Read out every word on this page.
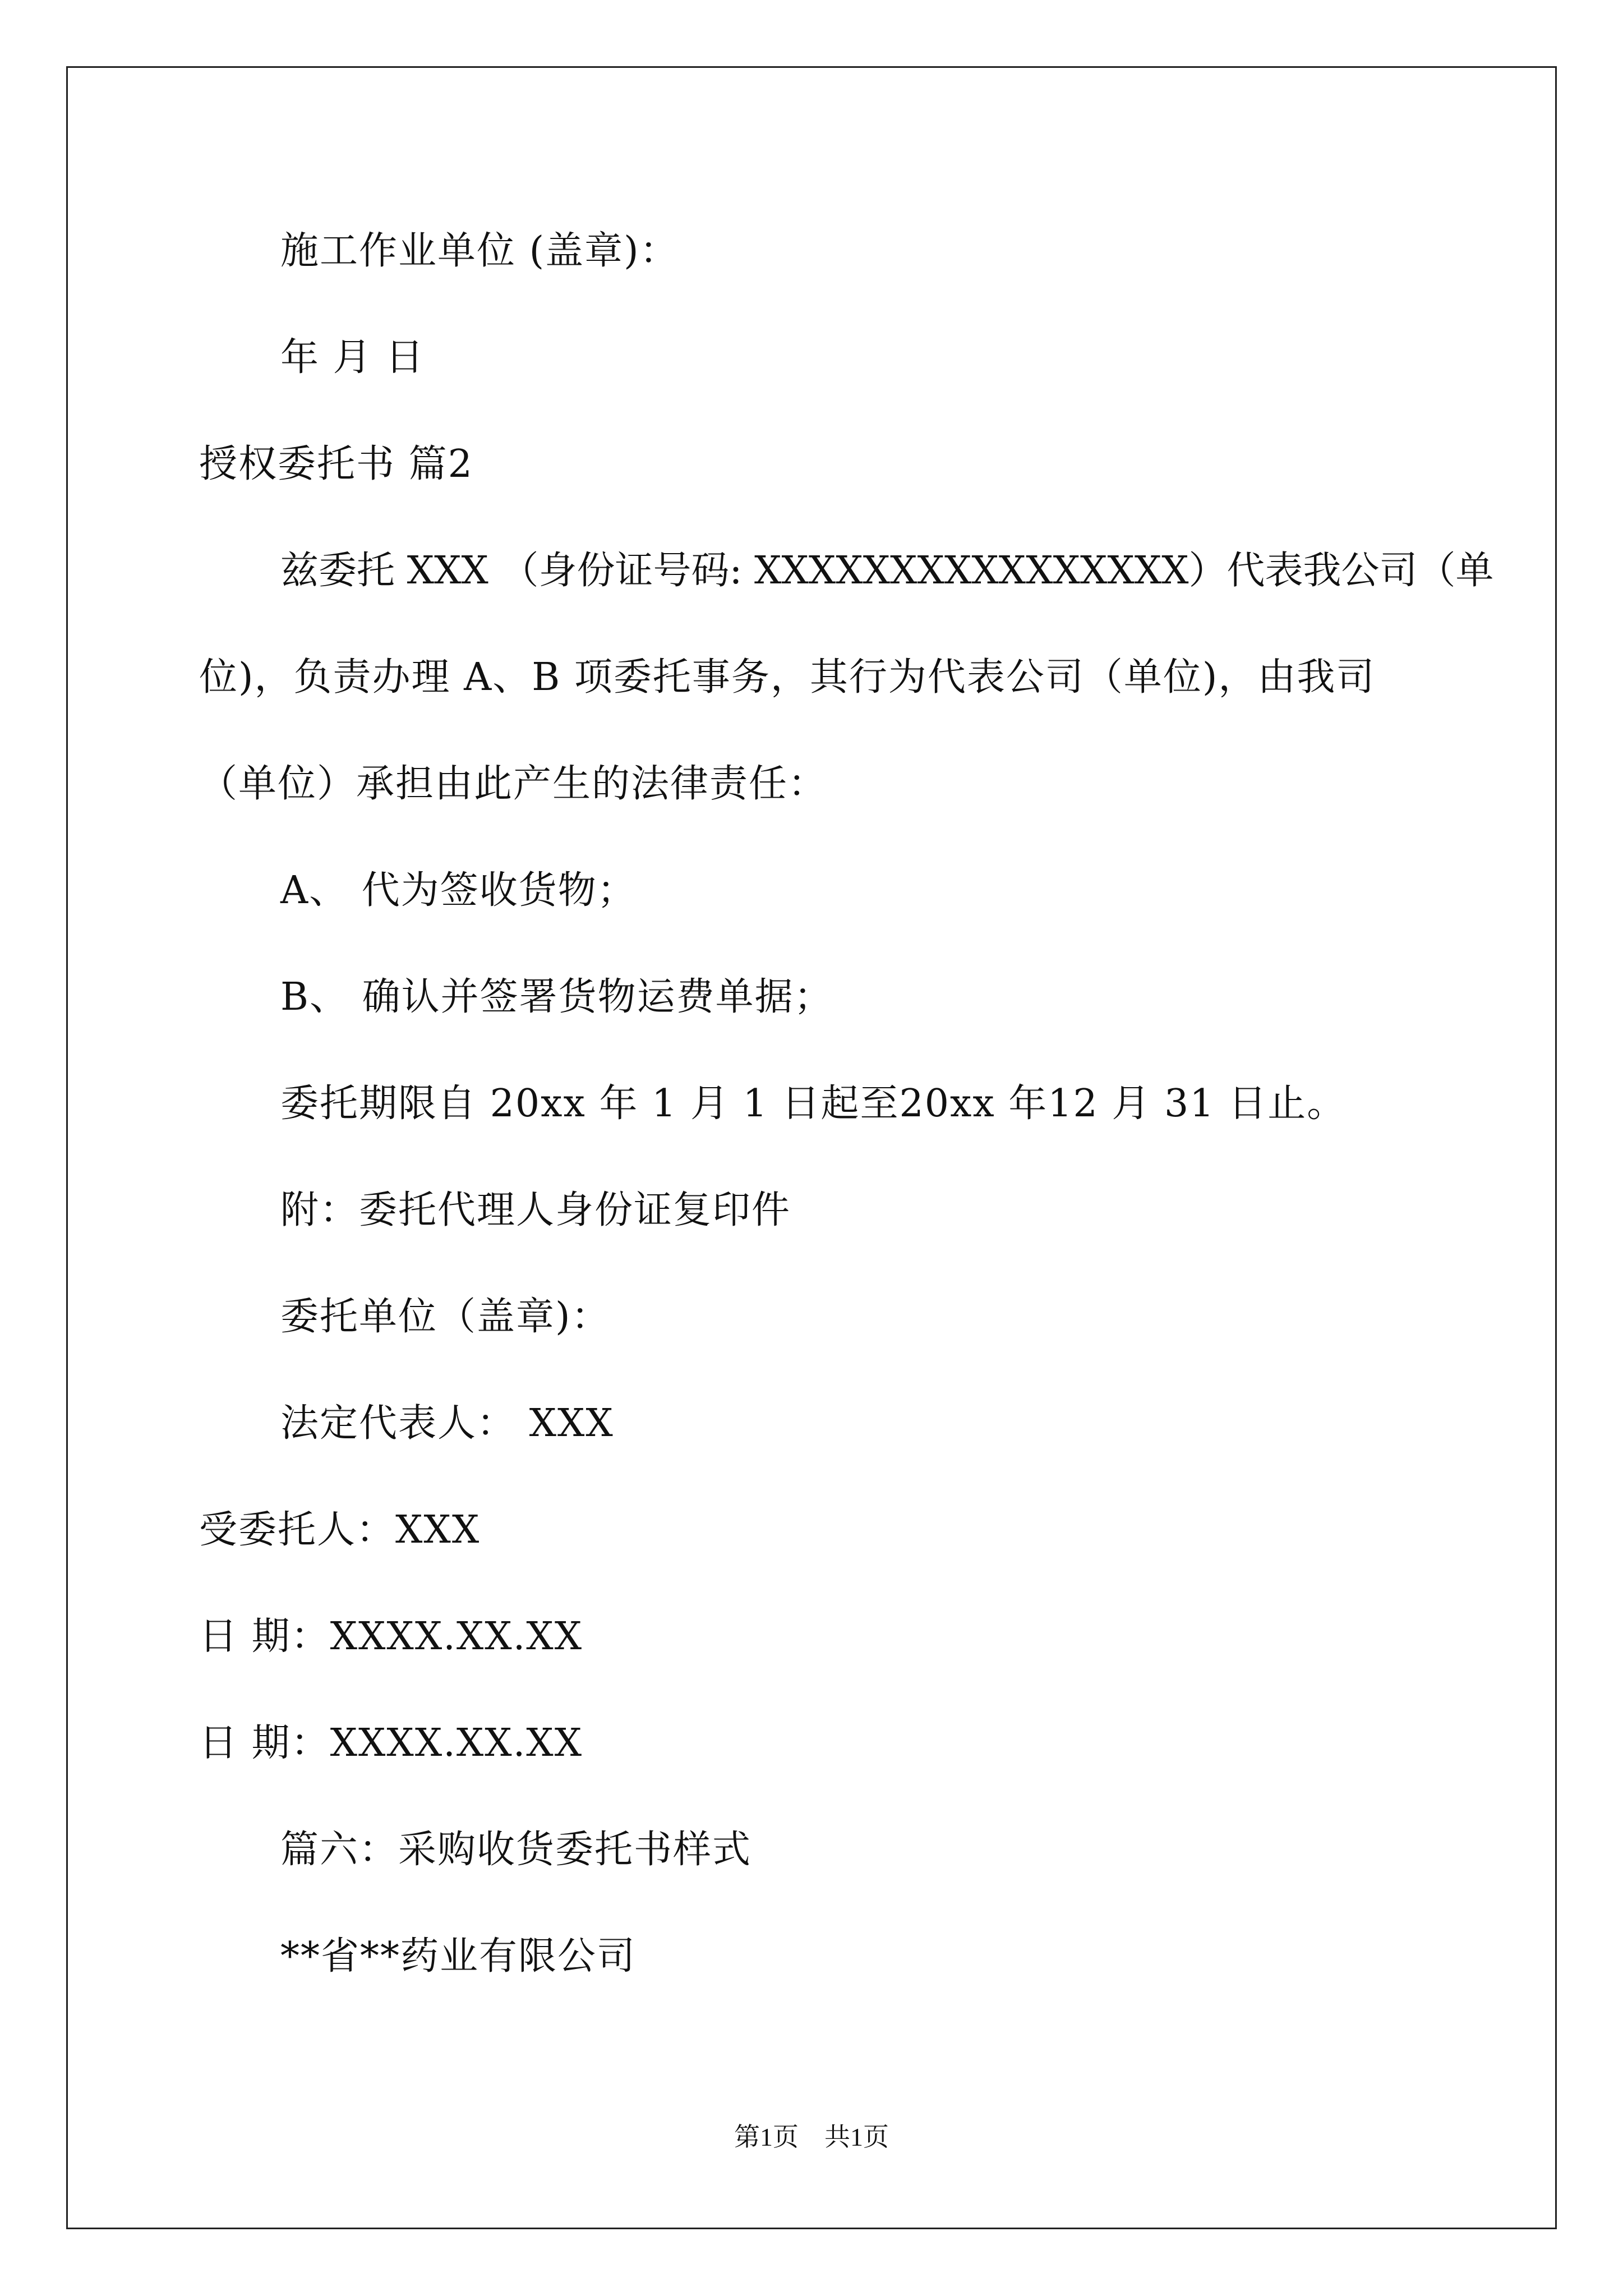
施工作业单位 (盖章)：
年 月 日
授权委托书 篇2
兹委托 XXX （身份证号码: XXXXXXXXXXXXXXXX）代表我公司（单
位)，负责办理 A、B 项委托事务，其行为代表公司（单位)，由我司
（单位）承担由此产生的法律责任：
A、 代为签收货物；
B、 确认并签署货物运费单据；
委托期限自 20xx 年 1 月 1 日起至20xx 年12 月 31 日止。
附：委托代理人身份证复印件
委托单位（盖章)：
法定代表人： XXX
受委托人：XXX
日 期：XXXX.XX.XX
日 期：XXXX.XX.XX
篇六：采购收货委托书样式
**省**药业有限公司
第1页　共1页
